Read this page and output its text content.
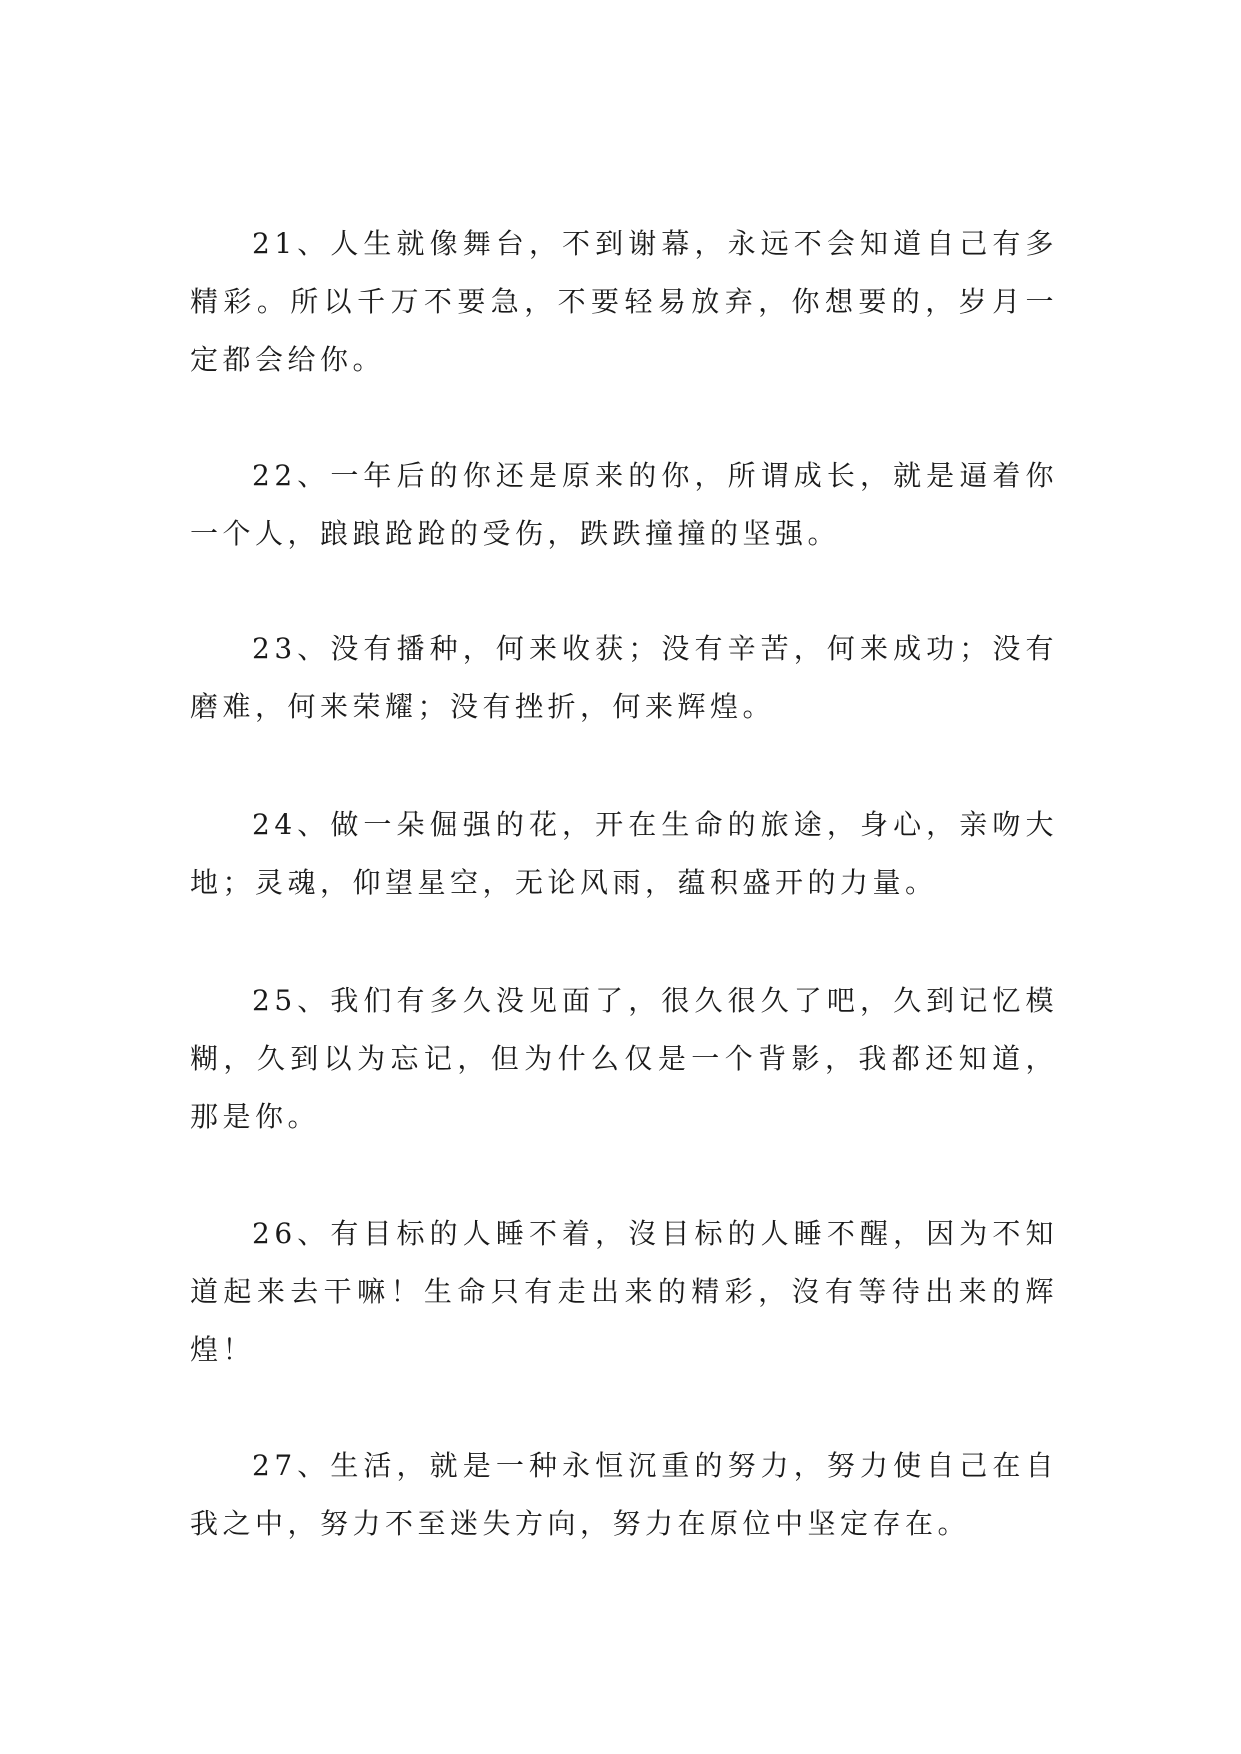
21、人生就像舞台，不到谢幕，永远不会知道自己有多精彩。所以千万不要急，不要轻易放弃，你想要的，岁月一定都会给你。

22、一年后的你还是原来的你，所谓成长，就是逼着你一个人，踉踉跄跄的受伤，跌跌撞撞的坚强。

23、没有播种，何来收获；没有辛苦，何来成功；没有磨难，何来荣耀；没有挫折，何来辉煌。

24、做一朵倔强的花，开在生命的旅途，身心，亲吻大地；灵魂，仰望星空，无论风雨，蕴积盛开的力量。

25、我们有多久没见面了，很久很久了吧，久到记忆模糊，久到以为忘记，但为什么仅是一个背影，我都还知道，那是你。

26、有目标的人睡不着，沒目标的人睡不醒，因为不知道起来去干嘛！生命只有走出来的精彩，沒有等待出来的辉煌！

27、生活，就是一种永恒沉重的努力，努力使自己在自我之中，努力不至迷失方向，努力在原位中坚定存在。
